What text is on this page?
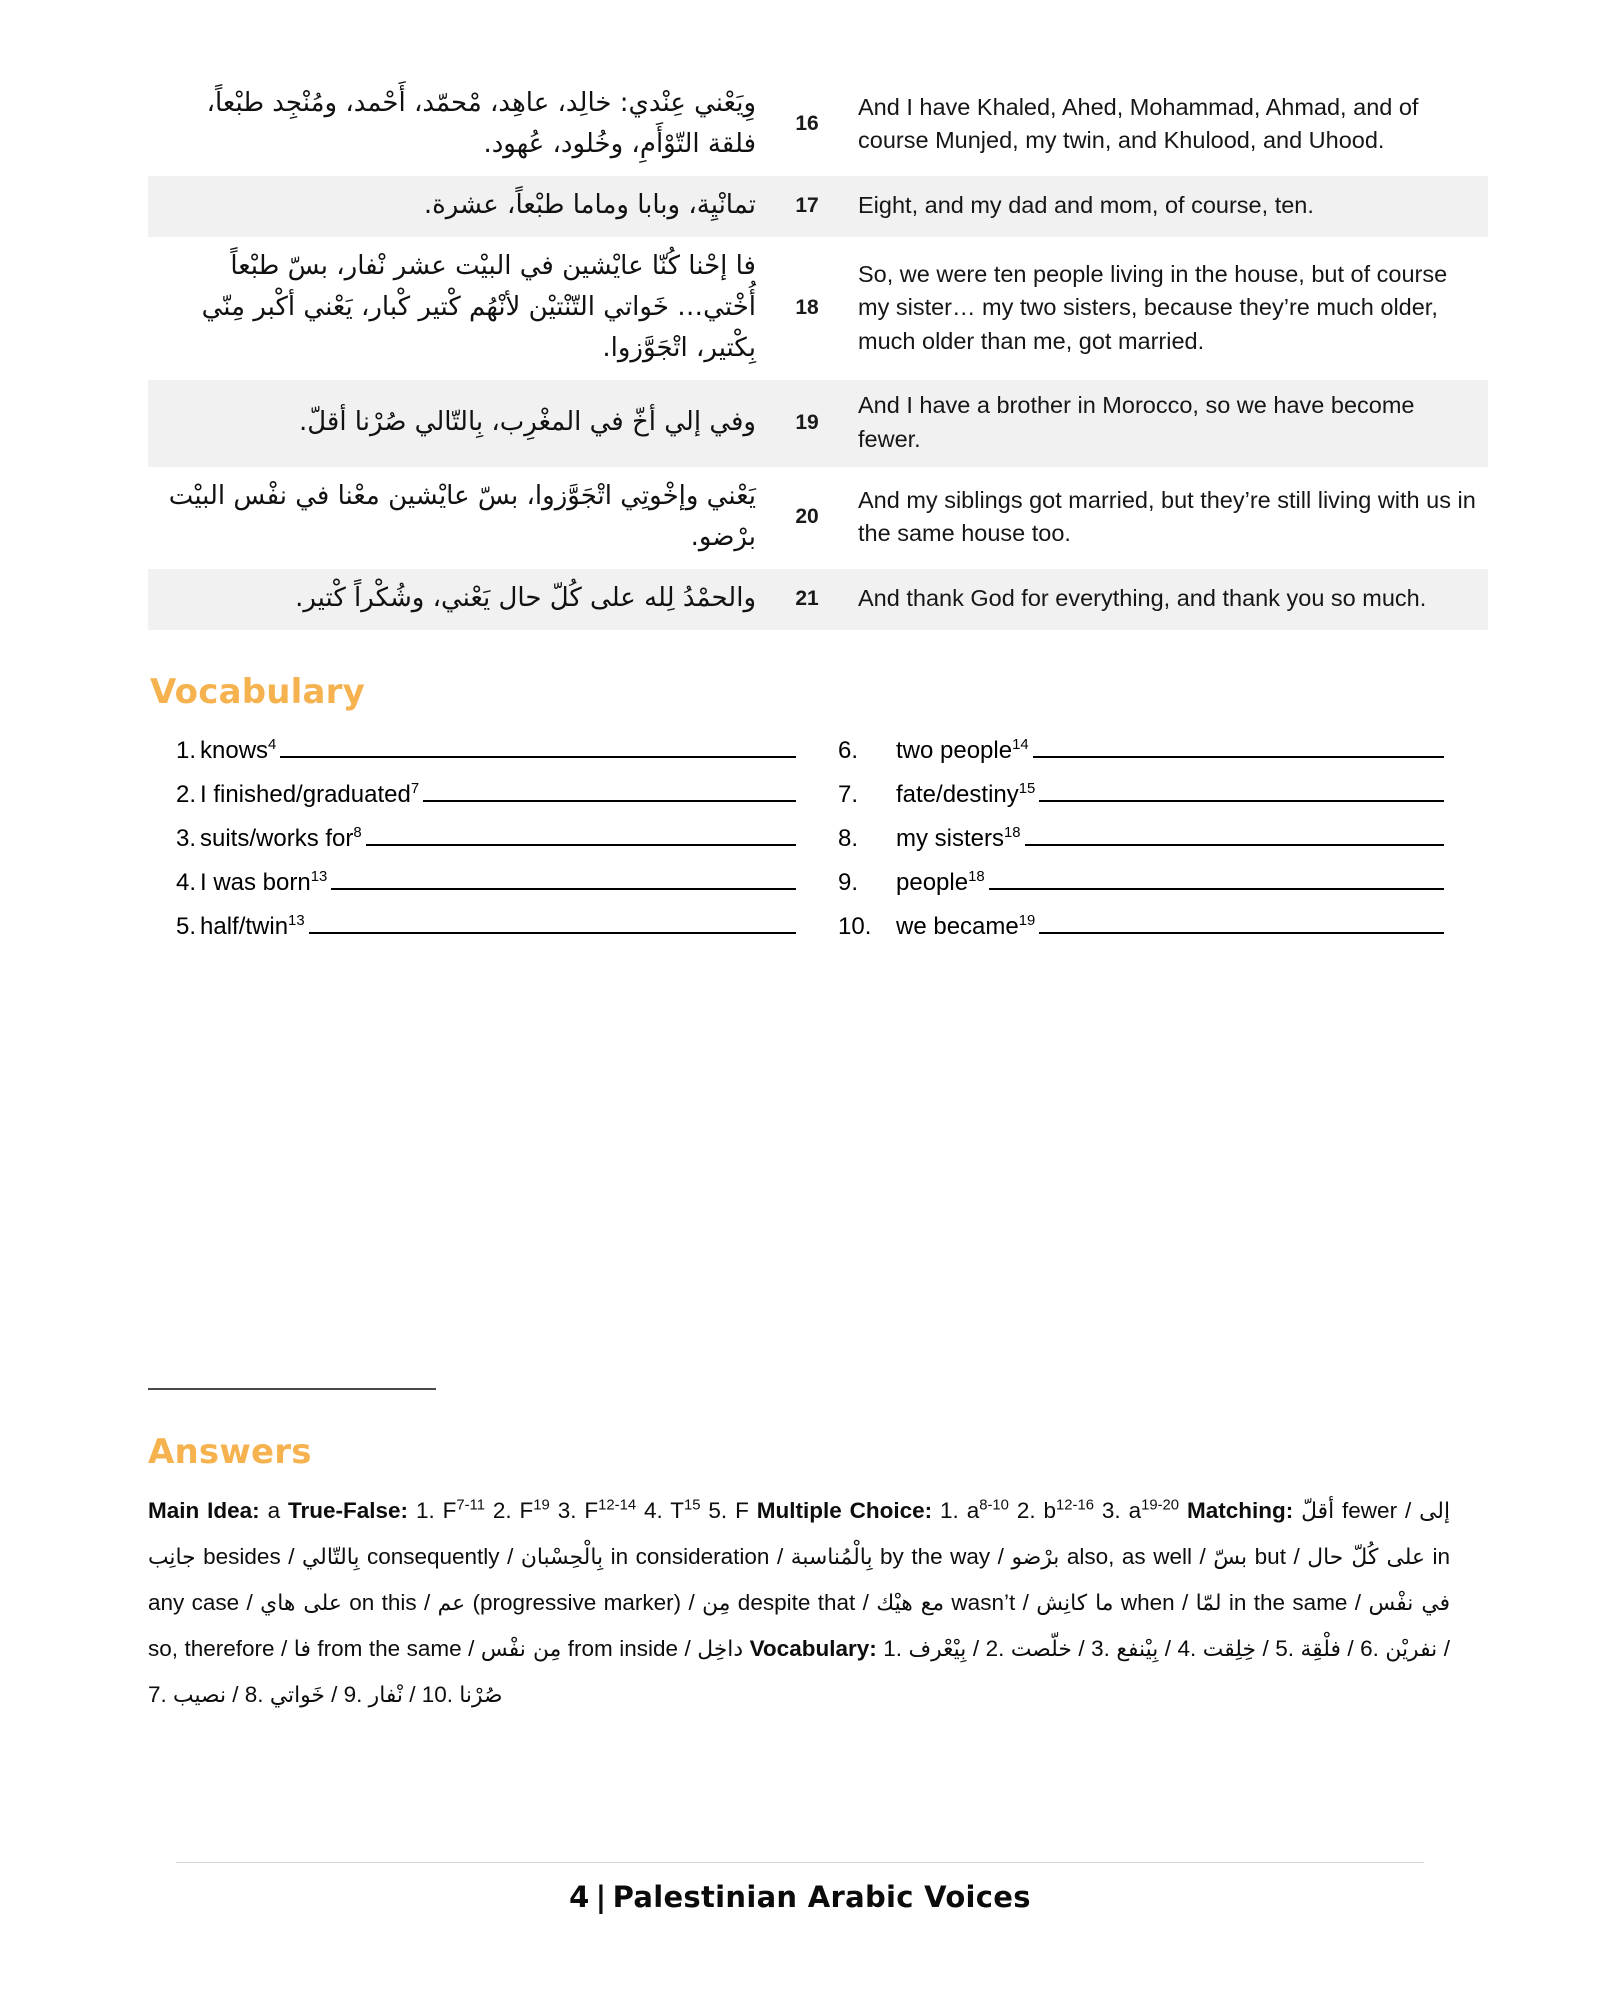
ويعني عندي: خالد، عاهد، محمد، أحمد، ومنجد طبعا، فلقة التوأم، وخلود، عهود.	16	And I have Khaled, Ahed, Mohammad, Ahmad, and of course Munjed, my twin, and Khulood, and Uhood.
تمانية، وبابا وماما طبعا، عشرة.	17	Eight, and my dad and mom, of course, ten.
فا إحنا كنا عايشين في البيت عشر نفار، بس طبعا أختي… خواتي التنتين لأنهم كتير كبار، يعني أكبر مني بكتير، اتجوزوا.	18	So, we were ten people living in the house, but of course my sister… my two sisters, because they’re much older, much older than me, got married.
وفي إلي أخ في المغرب، بالتالي صرنا أقل.	19	And I have a brother in Morocco, so we have become fewer.
يعني وإخوتي اتجوزوا، بس عايشين معنا في نفس البيت برضو.	20	And my siblings got married, but they’re still living with us in the same house too.
والحمد لله على كل حال يعني، وشكرا كتير.	21	And thank God for everything, and thank you so much.
Vocabulary
1. knows$^4$
2. I finished/graduated$^7$
3. suits/works for$^8$
4. I was born$^{13}$
5. half/twin$^{13}$
6.	two people$^{14}$
7.	fate/destiny$^{15}$
8.	my sisters$^{18}$
9.	people$^{18}$
10.	we became$^{19}$
Answers
Main Idea: a True-False: 1. $F^{7-11}$ 2. $F^{19}$ 3. $F^{12-14}$ 4. $T^{15}$ 5. F Multiple Choice: 1. $a^{8-10}$ 2. $b^{12-16}$ 3. $a^{19-20}$ Matching: أقل fewer / إلى جانب besides / بالتالي consequently /	بالحسبان in consideration /	بالمناسبة by the way / برضو also, as well / بس but /	على كل حال	in any case / على هاي on this / عم (progressive marker) / من despite that / مع هيك wasn’t / ما كانش when / لما in the same / في نفس so, therefore / فا from the same /	من نفس from inside / داخل Vocabulary: 1. بيعرف / 2. خلصت / 3. بينفع / 4. خلقت / 5. فلقة / 6. نفرين / 7. نصيب / 8. خواتي / 9. نفار / 10. صرنا
4 | Palestinian Arabic Voices
